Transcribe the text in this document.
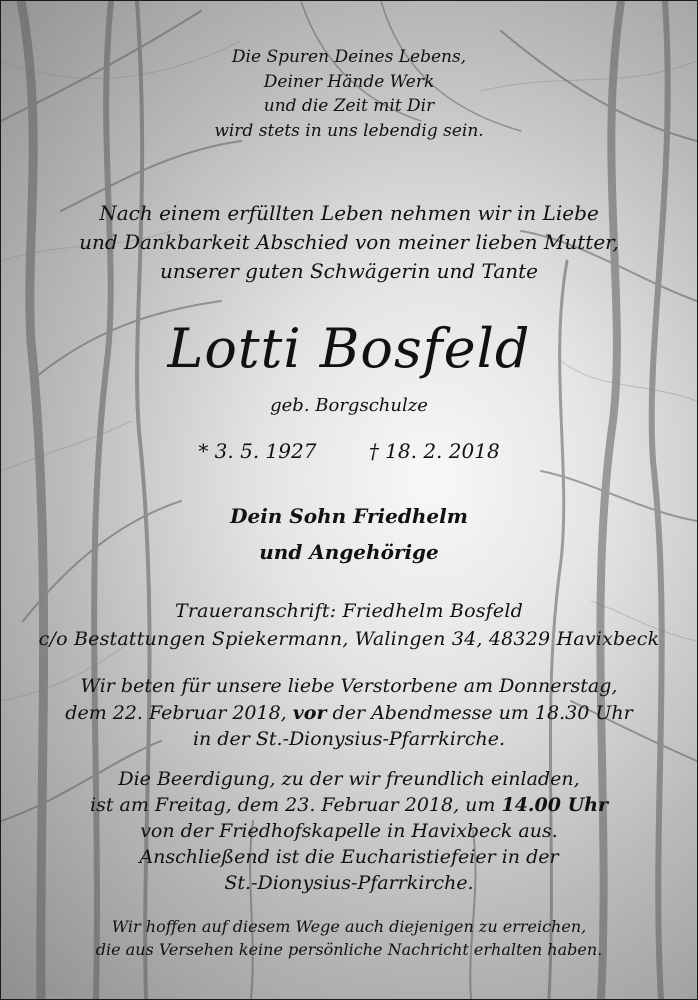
Die Spuren Deines Lebens,
Deiner Hände Werk
und die Zeit mit Dir
wird stets in uns lebendig sein.
Nach einem erfüllten Leben nehmen wir in Liebe
und Dankbarkeit Abschied von meiner lieben Mutter,
unserer guten Schwägerin und Tante
Lotti Bosfeld
geb. Borgschulze
* 3. 5. 1927	† 18. 2. 2018
Dein Sohn Friedhelm
und Angehörige
Traueranschrift: Friedhelm Bosfeld
c/o Bestattungen Spiekermann, Walingen 34, 48329 Havixbeck
Wir beten für unsere liebe Verstorbene am Donnerstag,
dem 22. Februar 2018, vor der Abendmesse um 18.30 Uhr
in der St.-Dionysius-Pfarrkirche.
Die Beerdigung, zu der wir freundlich einladen,
ist am Freitag, dem 23. Februar 2018, um 14.00 Uhr
von der Friedhofskapelle in Havixbeck aus.
Anschließend ist die Eucharistiefeier in der
St.-Dionysius-Pfarrkirche.
Wir hoffen auf diesem Wege auch diejenigen zu erreichen,
die aus Versehen keine persönliche Nachricht erhalten haben.
